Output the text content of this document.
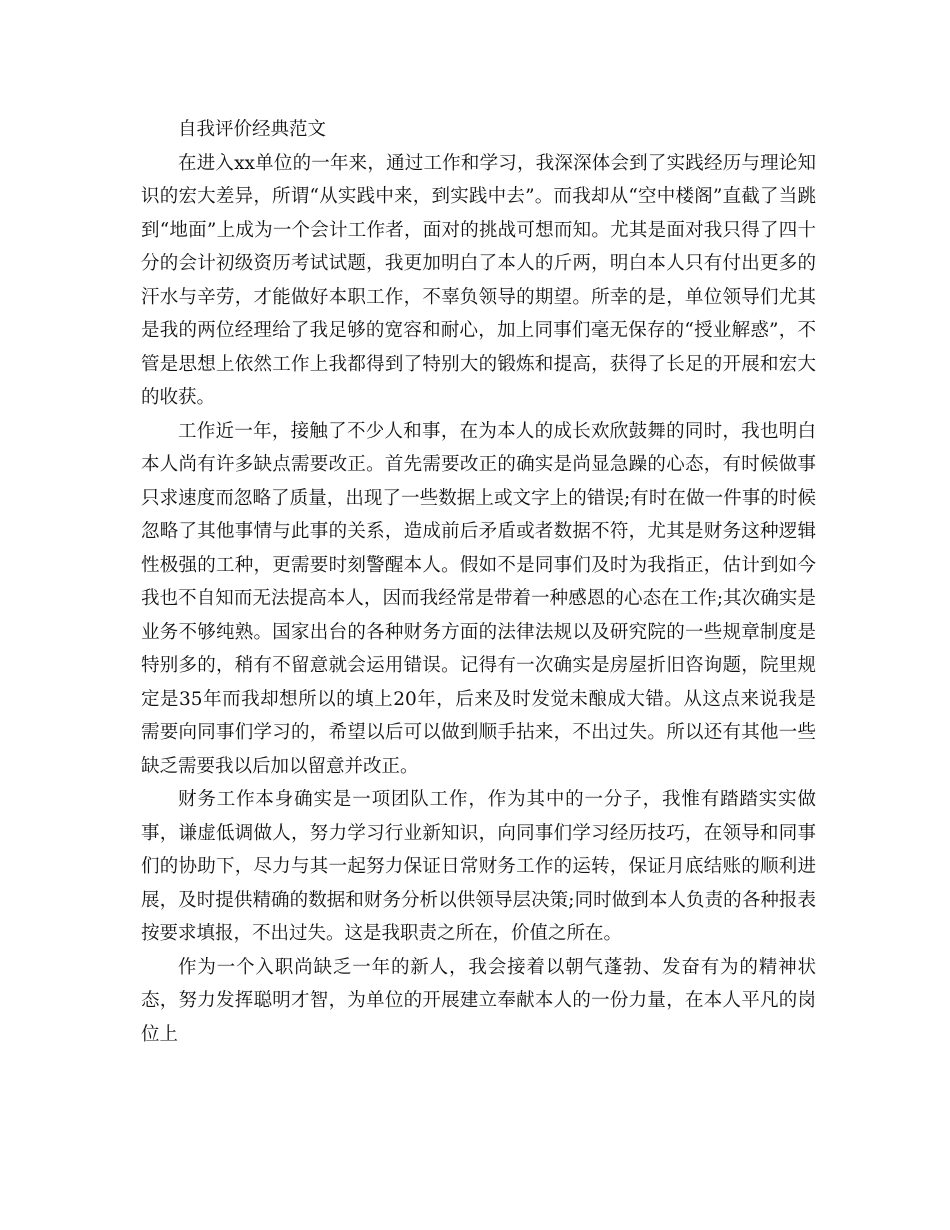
自我评价经典范文

在进入xx单位的一年来，通过工作和学习，我深深体会到了实践经历与理论知识的宏大差异，所谓“从实践中来，到实践中去”。而我却从“空中楼阁”直截了当跳到“地面”上成为一个会计工作者，面对的挑战可想而知。尤其是面对我只得了四十分的会计初级资历考试试题，我更加明白了本人的斤两，明白本人只有付出更多的汗水与辛劳，才能做好本职工作，不辜负领导的期望。所幸的是，单位领导们尤其是我的两位经理给了我足够的宽容和耐心，加上同事们毫无保存的“授业解惑”，不管是思想上依然工作上我都得到了特别大的锻炼和提高，获得了长足的开展和宏大的收获。

工作近一年，接触了不少人和事，在为本人的成长欢欣鼓舞的同时，我也明白本人尚有许多缺点需要改正。首先需要改正的确实是尚显急躁的心态，有时候做事只求速度而忽略了质量，出现了一些数据上或文字上的错误;有时在做一件事的时候忽略了其他事情与此事的关系，造成前后矛盾或者数据不符，尤其是财务这种逻辑性极强的工种，更需要时刻警醒本人。假如不是同事们及时为我指正，估计到如今我也不自知而无法提高本人，因而我经常是带着一种感恩的心态在工作;其次确实是业务不够纯熟。国家出台的各种财务方面的法律法规以及研究院的一些规章制度是特别多的，稍有不留意就会运用错误。记得有一次确实是房屋折旧咨询题，院里规定是35年而我却想所以的填上20年，后来及时发觉未酿成大错。从这点来说我是需要向同事们学习的，希望以后可以做到顺手拈来，不出过失。所以还有其他一些缺乏需要我以后加以留意并改正。

财务工作本身确实是一项团队工作，作为其中的一分子，我惟有踏踏实实做事，谦虚低调做人，努力学习行业新知识，向同事们学习经历技巧，在领导和同事们的协助下，尽力与其一起努力保证日常财务工作的运转，保证月底结账的顺利进展，及时提供精确的数据和财务分析以供领导层决策;同时做到本人负责的各种报表按要求填报，不出过失。这是我职责之所在，价值之所在。

作为一个入职尚缺乏一年的新人，我会接着以朝气蓬勃、发奋有为的精神状态，努力发挥聪明才智，为单位的开展建立奉献本人的一份力量，在本人平凡的岗位上
